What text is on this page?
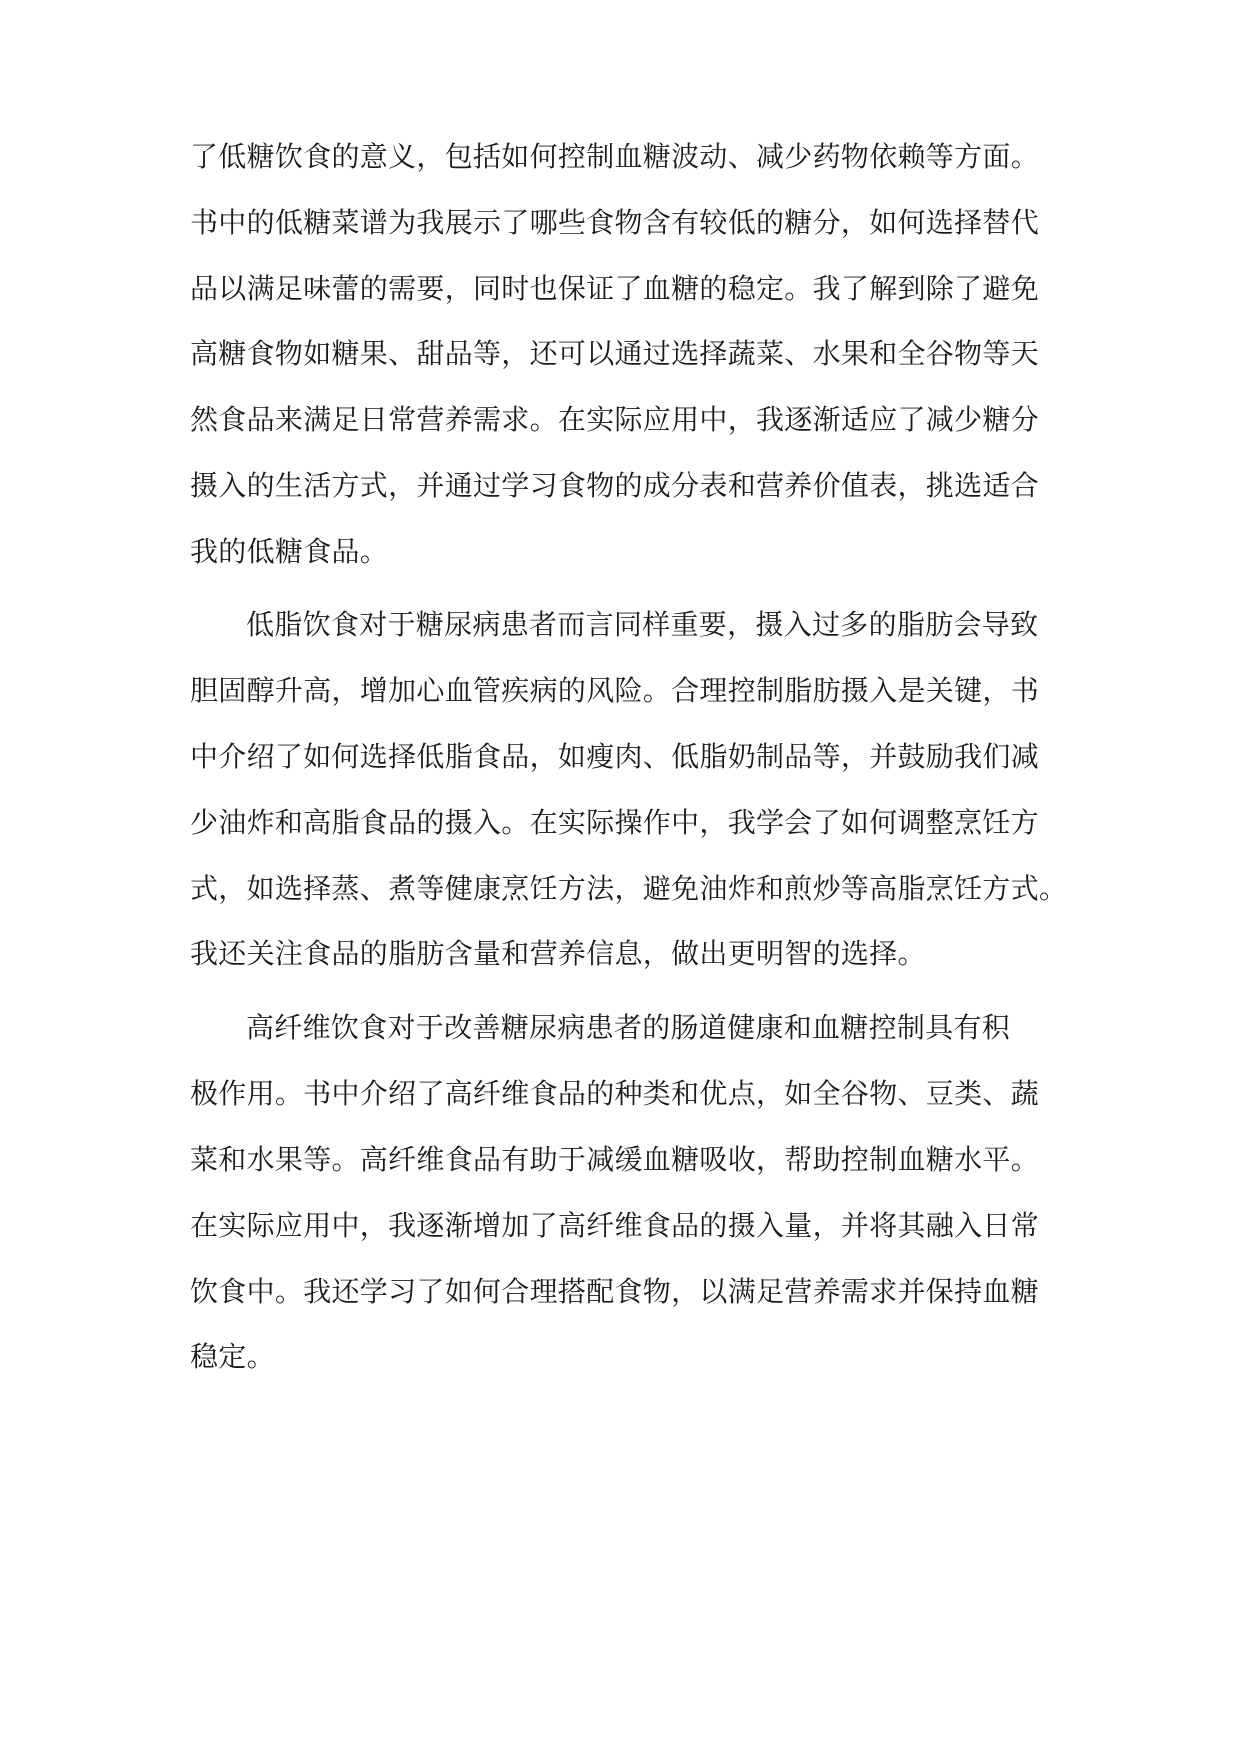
了低糖饮食的意义，包括如何控制血糖波动、减少药物依赖等方面。
书中的低糖菜谱为我展示了哪些食物含有较低的糖分，如何选择替代
品以满足味蕾的需要，同时也保证了血糖的稳定。我了解到除了避免
高糖食物如糖果、甜品等，还可以通过选择蔬菜、水果和全谷物等天
然食品来满足日常营养需求。在实际应用中，我逐渐适应了减少糖分
摄入的生活方式，并通过学习食物的成分表和营养价值表，挑选适合
我的低糖食品。
低脂饮食对于糖尿病患者而言同样重要，摄入过多的脂肪会导致
胆固醇升高，增加心血管疾病的风险。合理控制脂肪摄入是关键，书
中介绍了如何选择低脂食品，如瘦肉、低脂奶制品等，并鼓励我们减
少油炸和高脂食品的摄入。在实际操作中，我学会了如何调整烹饪方
式，如选择蒸、煮等健康烹饪方法，避免油炸和煎炒等高脂烹饪方式。
我还关注食品的脂肪含量和营养信息，做出更明智的选择。
高纤维饮食对于改善糖尿病患者的肠道健康和血糖控制具有积
极作用。书中介绍了高纤维食品的种类和优点，如全谷物、豆类、蔬
菜和水果等。高纤维食品有助于减缓血糖吸收，帮助控制血糖水平。
在实际应用中，我逐渐增加了高纤维食品的摄入量，并将其融入日常
饮食中。我还学习了如何合理搭配食物，以满足营养需求并保持血糖
稳定。
